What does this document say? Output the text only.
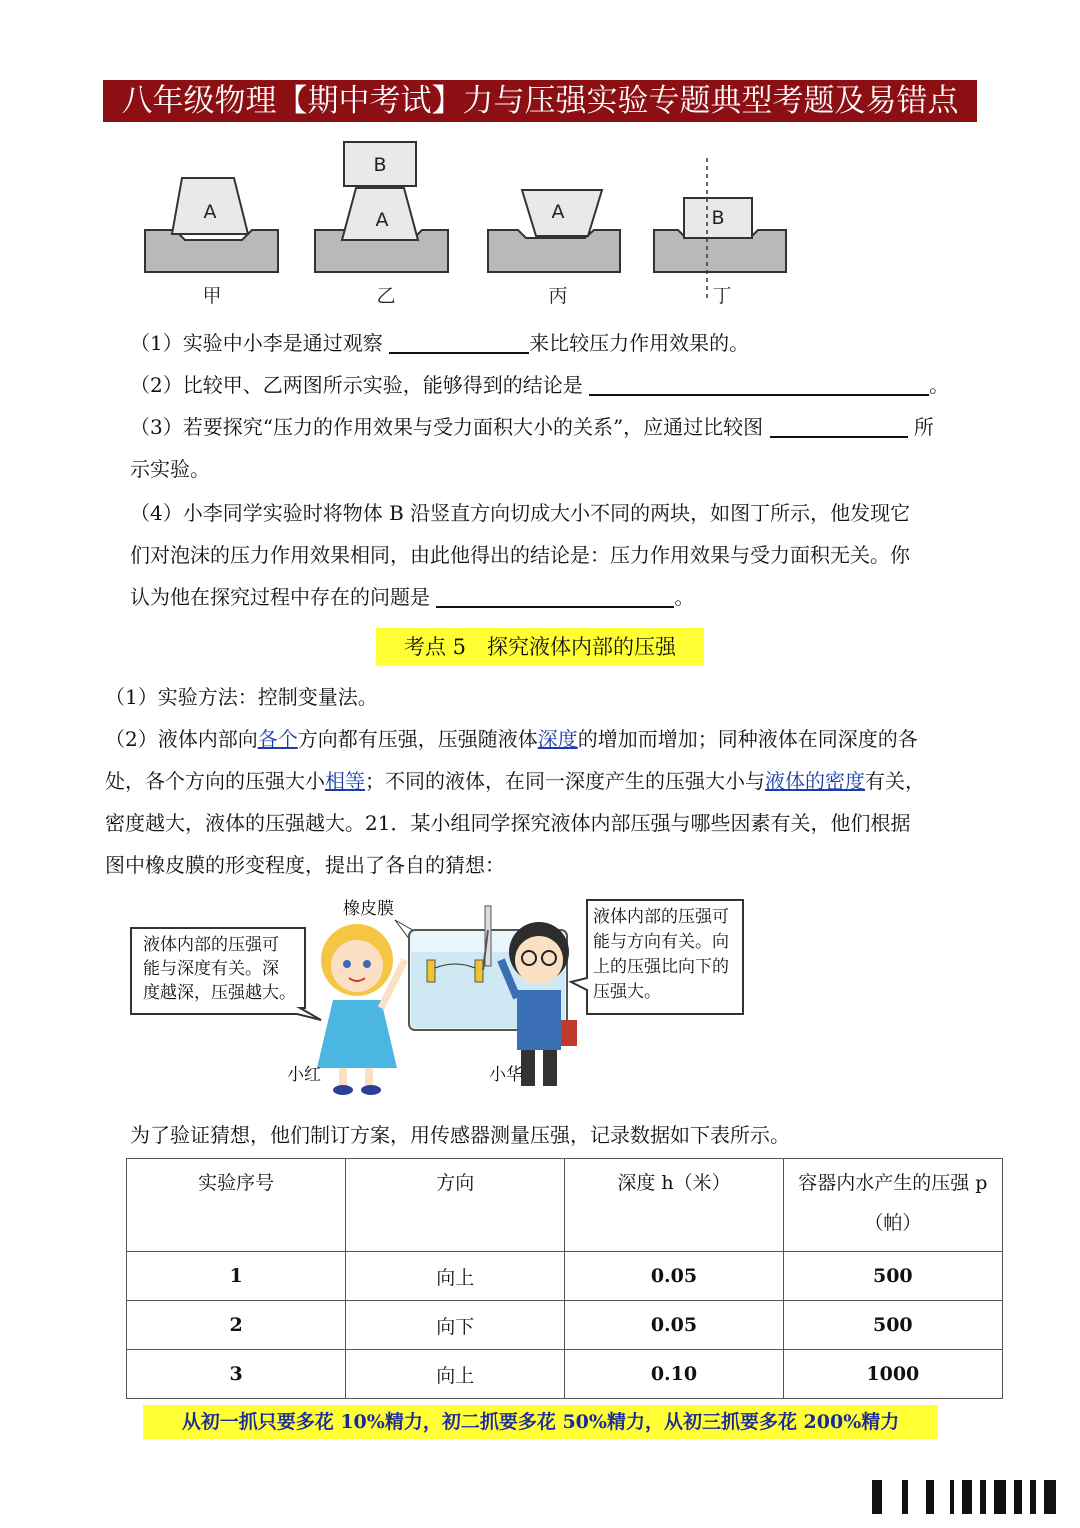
八年级物理【期中考试】力与压强实验专题典型考题及易错点
A
甲
B
A
乙
A
丙
B
丁
（1）实验中小李是通过观察	来比较压力作用效果的。
（2）比较甲、乙两图所示实验，能够得到的结论是	。
（3）若要探究“压力的作用效果与受力面积大小的关系”，应通过比较图	所
示实验。
（4）小李同学实验时将物体 B 沿竖直方向切成大小不同的两块，如图丁所示，他发现它
们对泡沫的压力作用效果相同，由此他得出的结论是：压力作用效果与受力面积无关。你
认为他在探究过程中存在的问题是	。
考点 5　探究液体内部的压强
（1）实验方法：控制变量法。
（2）液体内部向各个方向都有压强，压强随液体深度的增加而增加；同种液体在同深度的各
处，各个方向的压强大小相等；不同的液体，在同一深度产生的压强大小与液体的密度有关，
密度越大，液体的压强越大。21．某小组同学探究液体内部压强与哪些因素有关，他们根据
图中橡皮膜的形变程度，提出了各自的猜想：
液体内部的压强可
能与深度有关。深
度越深，压强越大。
小红
橡皮膜
小华
液体内部的压强可
能与方向有关。向
上的压强比向下的
压强大。
为了验证猜想，他们制订方案，用传感器测量压强，记录数据如下表所示。
实验序号	方向	深度 h（米）	容器内水产生的压强 p
（帕）

1	向上	0.05	500
2	向下	0.05	500
3	向上	0.10	1000
从初一抓只要多花 10%精力，初二抓要多花 50%精力，从初三抓要多花 200%精力
